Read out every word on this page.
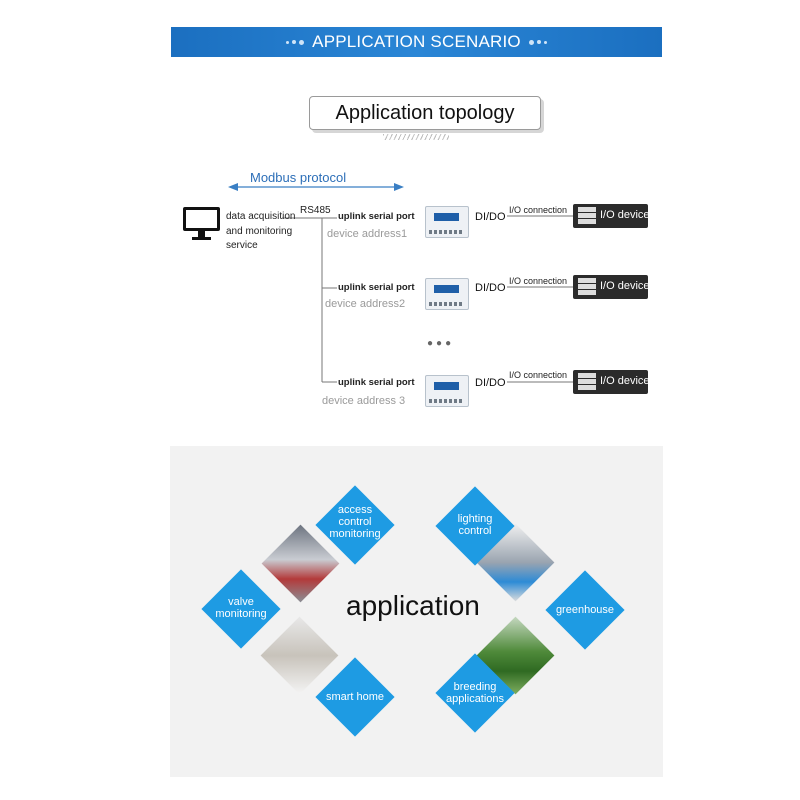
APPLICATION SCENARIO
Application topology
Modbus protocol
RS485
data acquisition
and monitoring
service
uplink serial port
device address1
DI/DO
I/O connection	I/O device
uplink serial port
device address2
DI/DO
I/O connection	I/O device
●●●
uplink serial port
device address 3
DI/DO
I/O connection	I/O device
access
control
monitoring
valve
monitoring
smart home
lighting
control
greenhouse
breeding
applications
application
